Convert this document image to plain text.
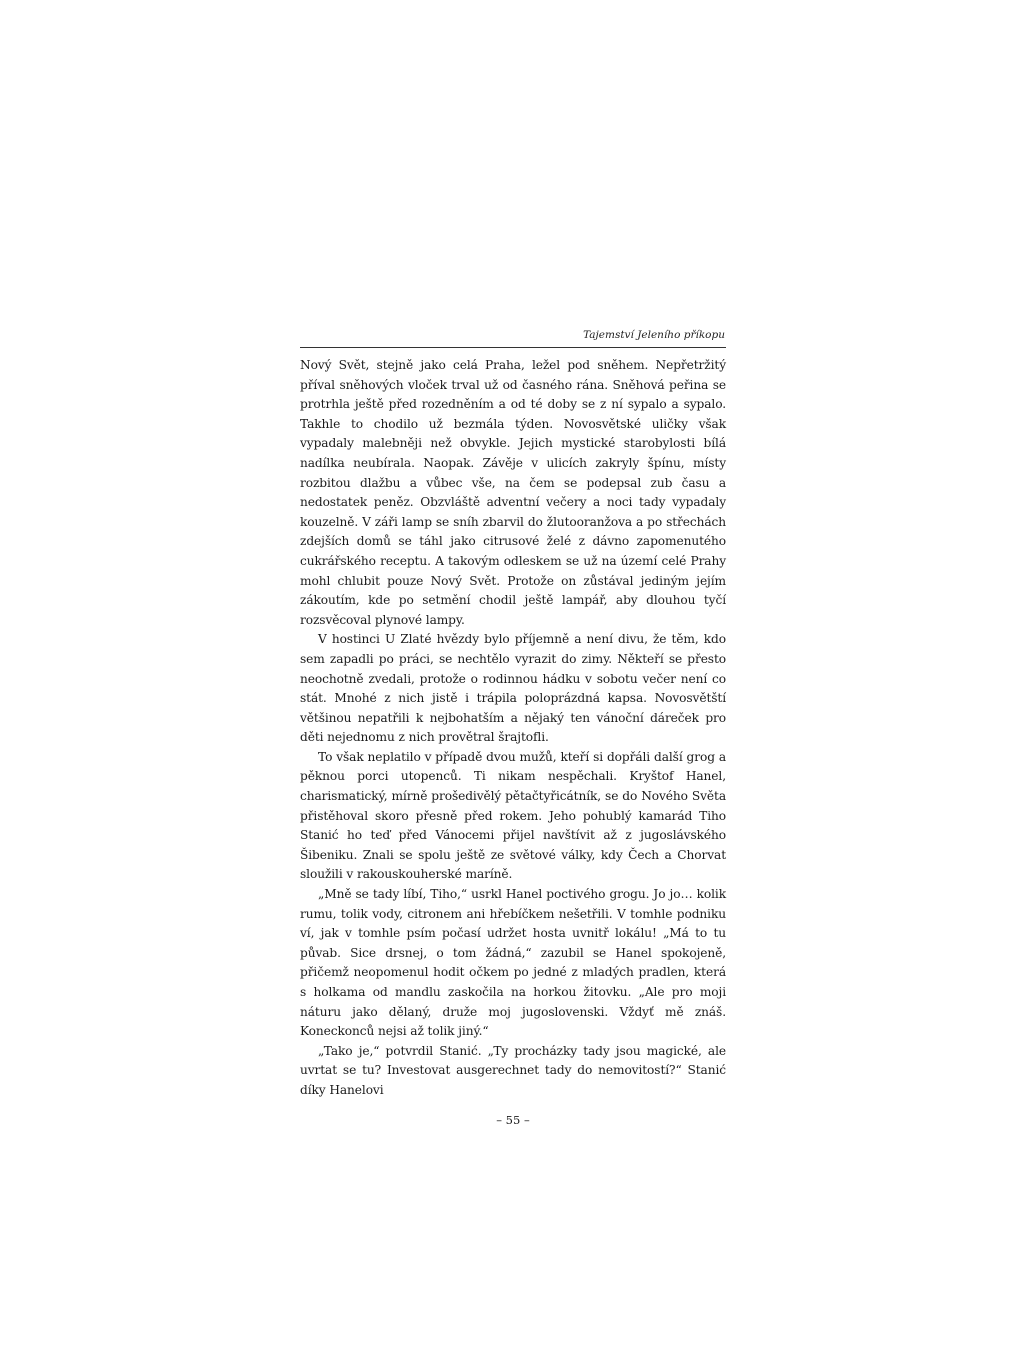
Tajemství Jeleního příkopu

Nový Svět, stejně jako celá Praha, ležel pod sněhem. Nepřetržitý příval sněhových vloček trval už od časného rána. Sněhová peřina se protrhla ještě před rozedněním a od té doby se z ní sypalo a sypalo. Takhle to chodilo už bezmála týden. Novosvětské uličky však vypadaly malebněji než obvykle. Jejich mystické starobylosti bílá nadílka neubírala. Naopak. Závěje v ulicích zakryly špínu, místy rozbitou dlažbu a vůbec vše, na čem se podepsal zub času a nedostatek peněz. Obzvláště adventní večery a noci tady vypadaly kouzelně. V záři lamp se sníh zbarvil do žlutooranžova a po střechách zdejších domů se táhl jako citrusové želé z dávno zapomenutého cukrářského receptu. A takovým odleskem se už na území celé Prahy mohl chlubit pouze Nový Svět. Protože on zůstával jediným jejím zákoutím, kde po setmění chodil ještě lampář, aby dlouhou tyčí rozsvěcoval plynové lampy.

V hostinci U Zlaté hvězdy bylo příjemně a není divu, že těm, kdo sem zapadli po práci, se nechtělo vyrazit do zimy. Někteří se přesto neochotně zvedali, protože o rodinnou hádku v sobotu večer není co stát. Mnohé z nich jistě i trápila poloprázdná kapsa. Novosvětští většinou nepatřili k nejbohatším a nějaký ten vánoční dáreček pro děti nejednomu z nich provětral šrajtofli.

To však neplatilo v případě dvou mužů, kteří si dopřáli další grog a pěknou porci utopenců. Ti nikam nespěchali. Kryštof Hanel, charismatický, mírně prošedivělý pětačtyřicátník, se do Nového Světa přistěhoval skoro přesně před rokem. Jeho pohublý kamarád Tiho Stanić ho teď před Vánocemi přijel navštívit až z jugoslávského Šibeniku. Znali se spolu ještě ze světové války, kdy Čech a Chorvat sloužili v rakouskouherské maríně.

„Mně se tady líbí, Tiho,“ usrkl Hanel poctivého grogu. Jo jo… kolik rumu, tolik vody, citronem ani hřebíčkem nešetřili. V tomhle podniku ví, jak v tomhle psím počasí udržet hosta uvnitř lokálu! „Má to tu půvab. Sice drsnej, o tom žádná,“ zazubil se Hanel spokojeně, přičemž neopomenul hodit očkem po jedné z mladých pradlen, která s holkama od mandlu zaskočila na horkou žitovku. „Ale pro moji náturu jako dělaný, druže moj jugoslovenski. Vždyť mě znáš. Koneckonců nejsi až tolik jiný.“

„Tako je,“ potvrdil Stanić. „Ty procházky tady jsou magické, ale uvrtat se tu? Investovat ausgerechnet tady do nemovitostí?“ Stanić díky Hanelovi

– 55 –
